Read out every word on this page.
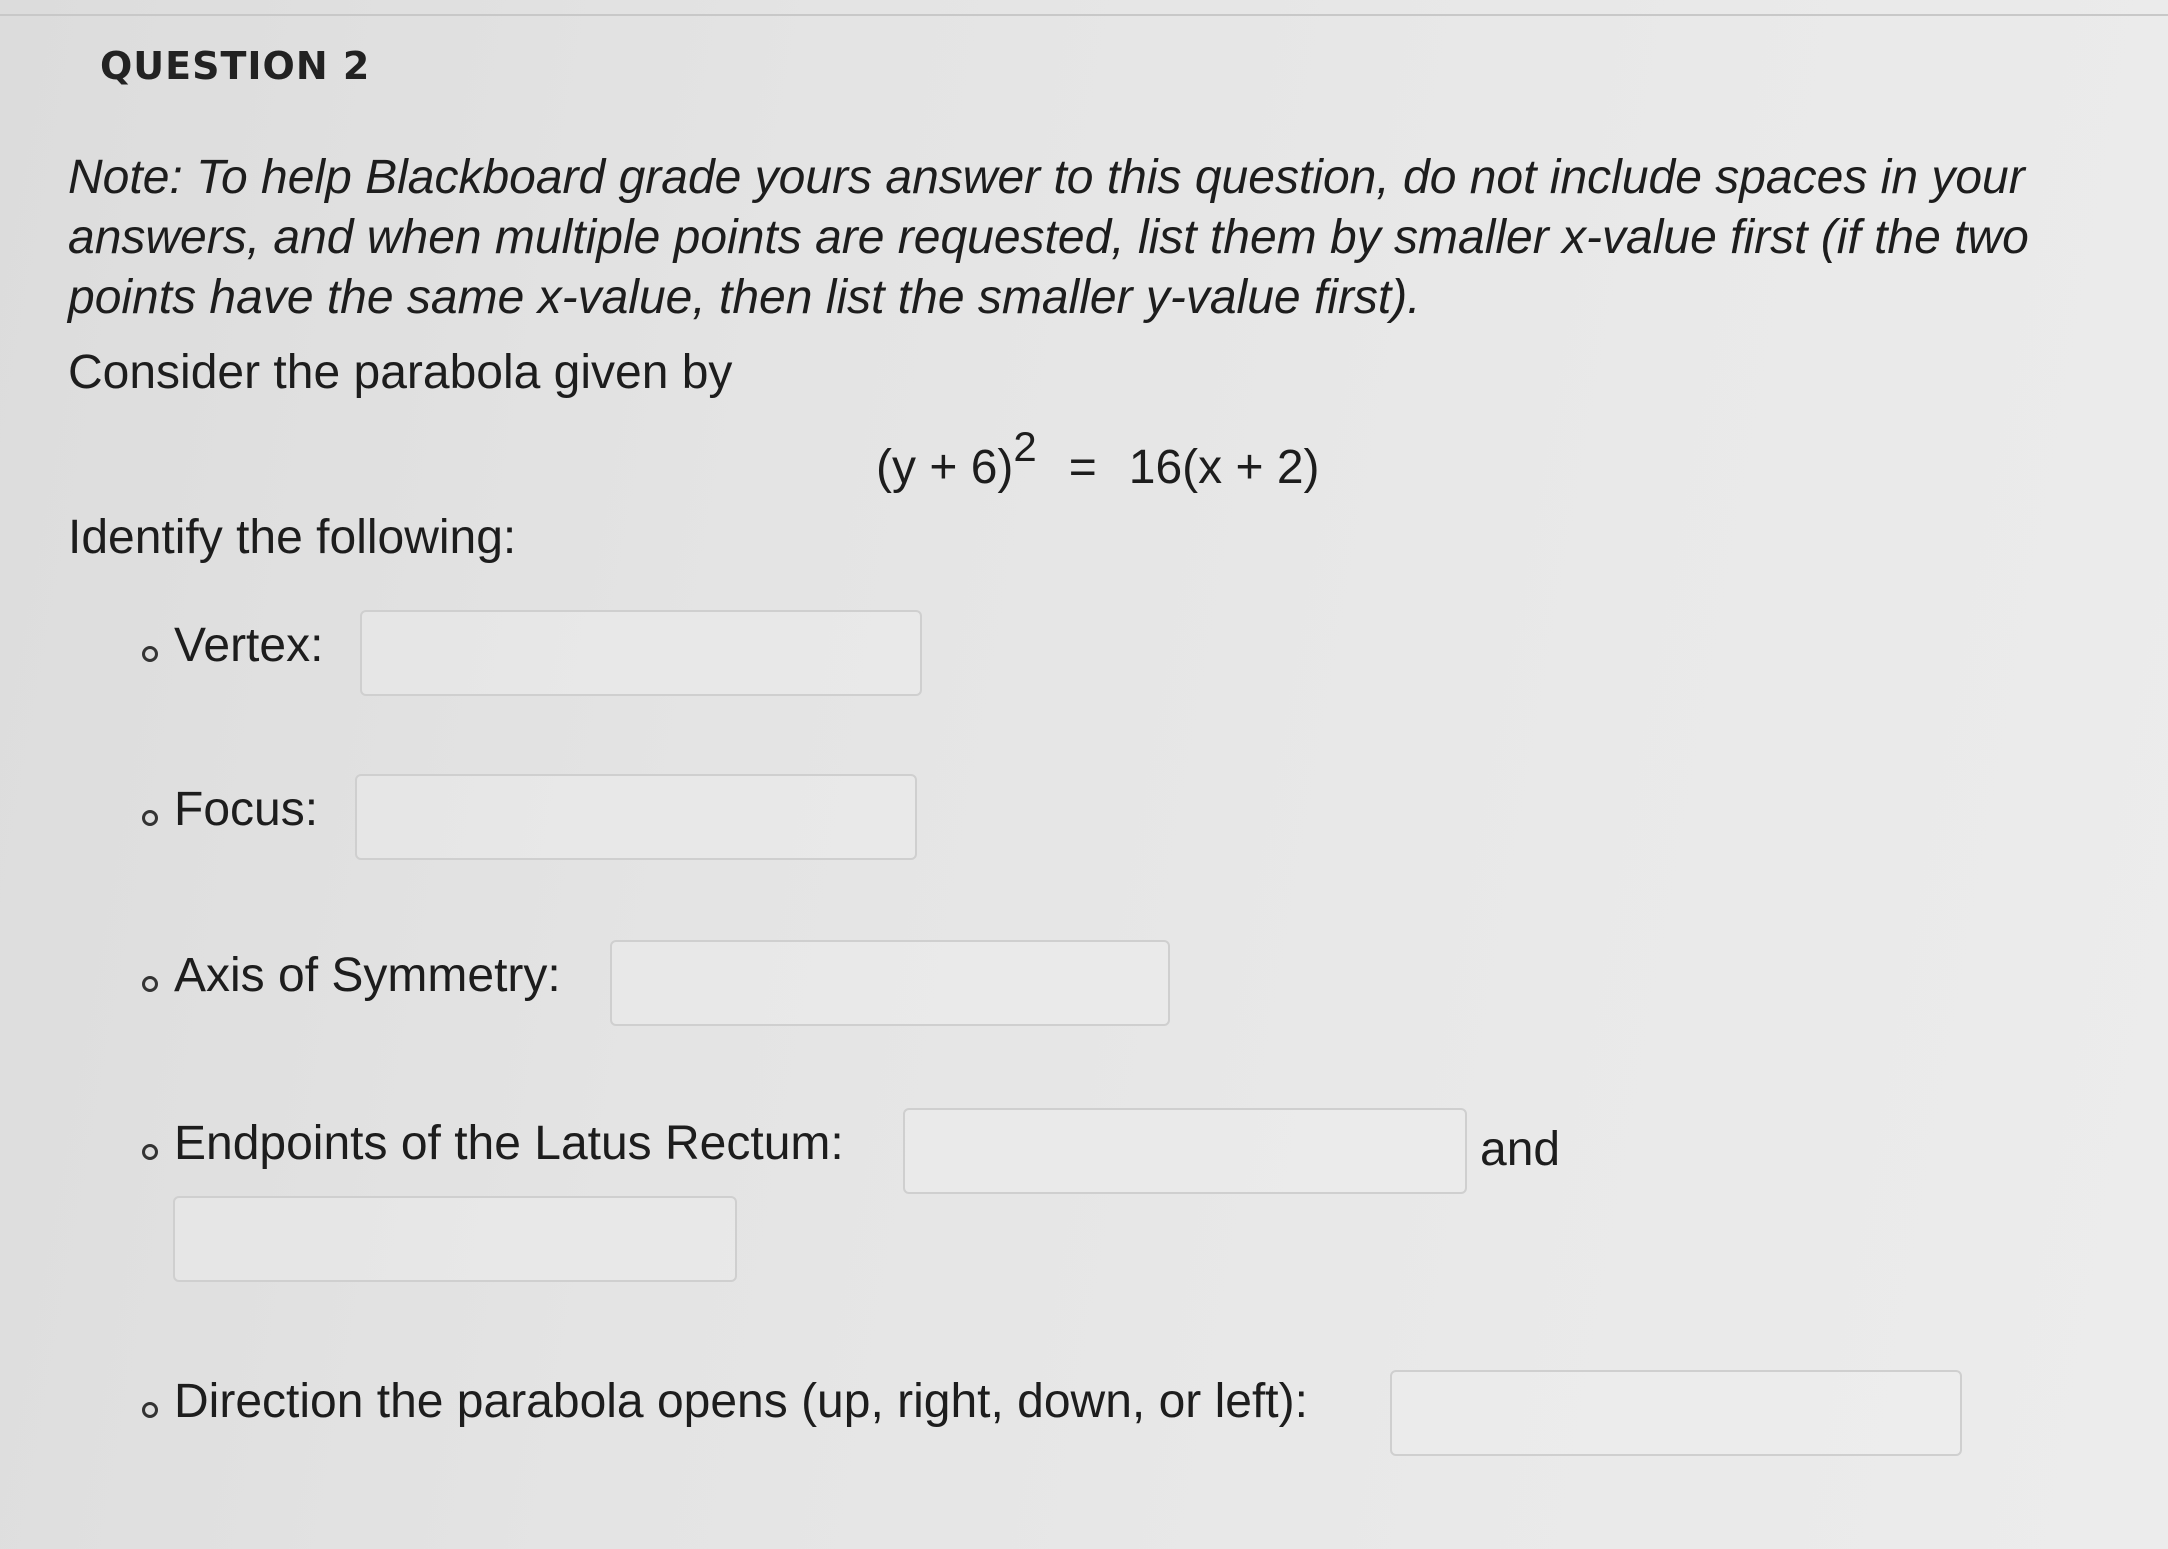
QUESTION 2
Note: To help Blackboard grade yours answer to this question, do not include spaces in your answers, and when multiple points are requested, list them by smaller x-value first (if the two points have the same x-value, then list the smaller y-value first).
Consider the parabola given by
(y + 6)2 = 16(x + 2)
Identify the following:
Vertex:
Focus:
Axis of Symmetry:
Endpoints of the Latus Rectum:	and
Direction the parabola opens (up, right, down, or left):
